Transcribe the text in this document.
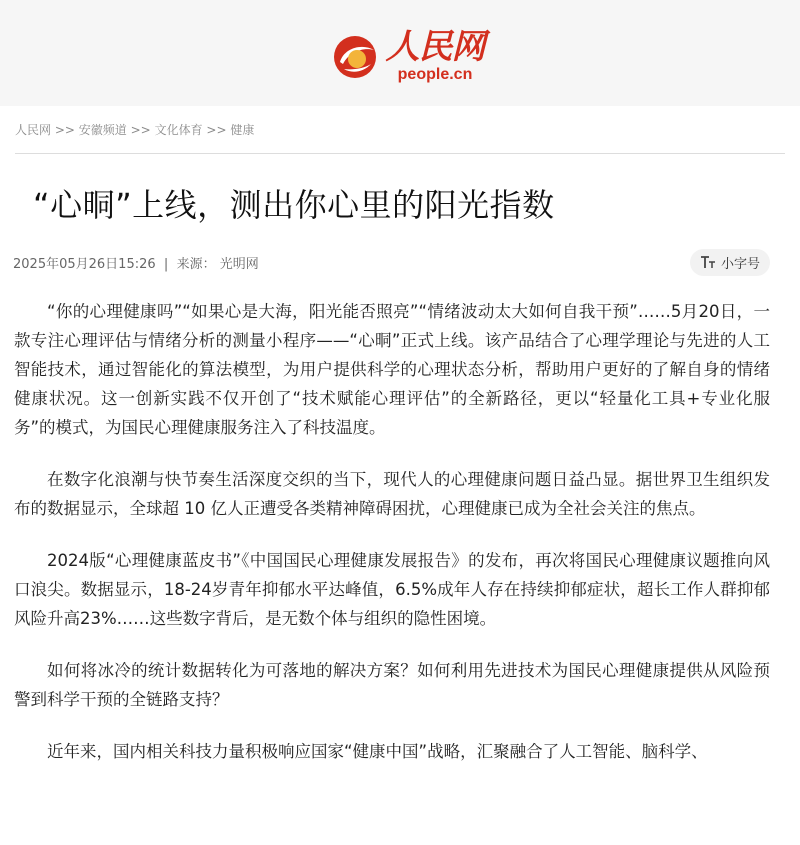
人民网
people.cn
人民网 >> 安徽频道 >> 文化体育 >> 健康
“心晍”上线，测出你心里的阳光指数
2025年05月26日15:26 | 来源： 光明网	小字号

“你的心理健康吗”“如果心是大海，阳光能否照亮”“情绪波动太大如何自我干预”……5月20日，一款专注心理评估与情绪分析的测量小程序——“心晍”正式上线。该产品结合了心理学理论与先进的人工智能技术，通过智能化的算法模型，为用户提供科学的心理状态分析，帮助用户更好的了解自身的情绪健康状况。这一创新实践不仅开创了“技术赋能心理评估”的全新路径，更以“轻量化工具+专业化服务”的模式，为国民心理健康服务注入了科技温度。

在数字化浪潮与快节奏生活深度交织的当下，现代人的心理健康问题日益凸显。据世界卫生组织发布的数据显示，全球超 10 亿人正遭受各类精神障碍困扰，心理健康已成为全社会关注的焦点。

2024版“心理健康蓝皮书”《中国国民心理健康发展报告》的发布，再次将国民心理健康议题推向风口浪尖。数据显示，18-24岁青年抑郁水平达峰值，6.5%成年人存在持续抑郁症状，超长工作人群抑郁风险升高23%……这些数字背后，是无数个体与组织的隐性困境。

如何将冰冷的统计数据转化为可落地的解决方案？如何利用先进技术为国民心理健康提供从风险预警到科学干预的全链路支持？

近年来，国内相关科技力量积极响应国家“健康中国”战略，汇聚融合了人工智能、脑科学、
